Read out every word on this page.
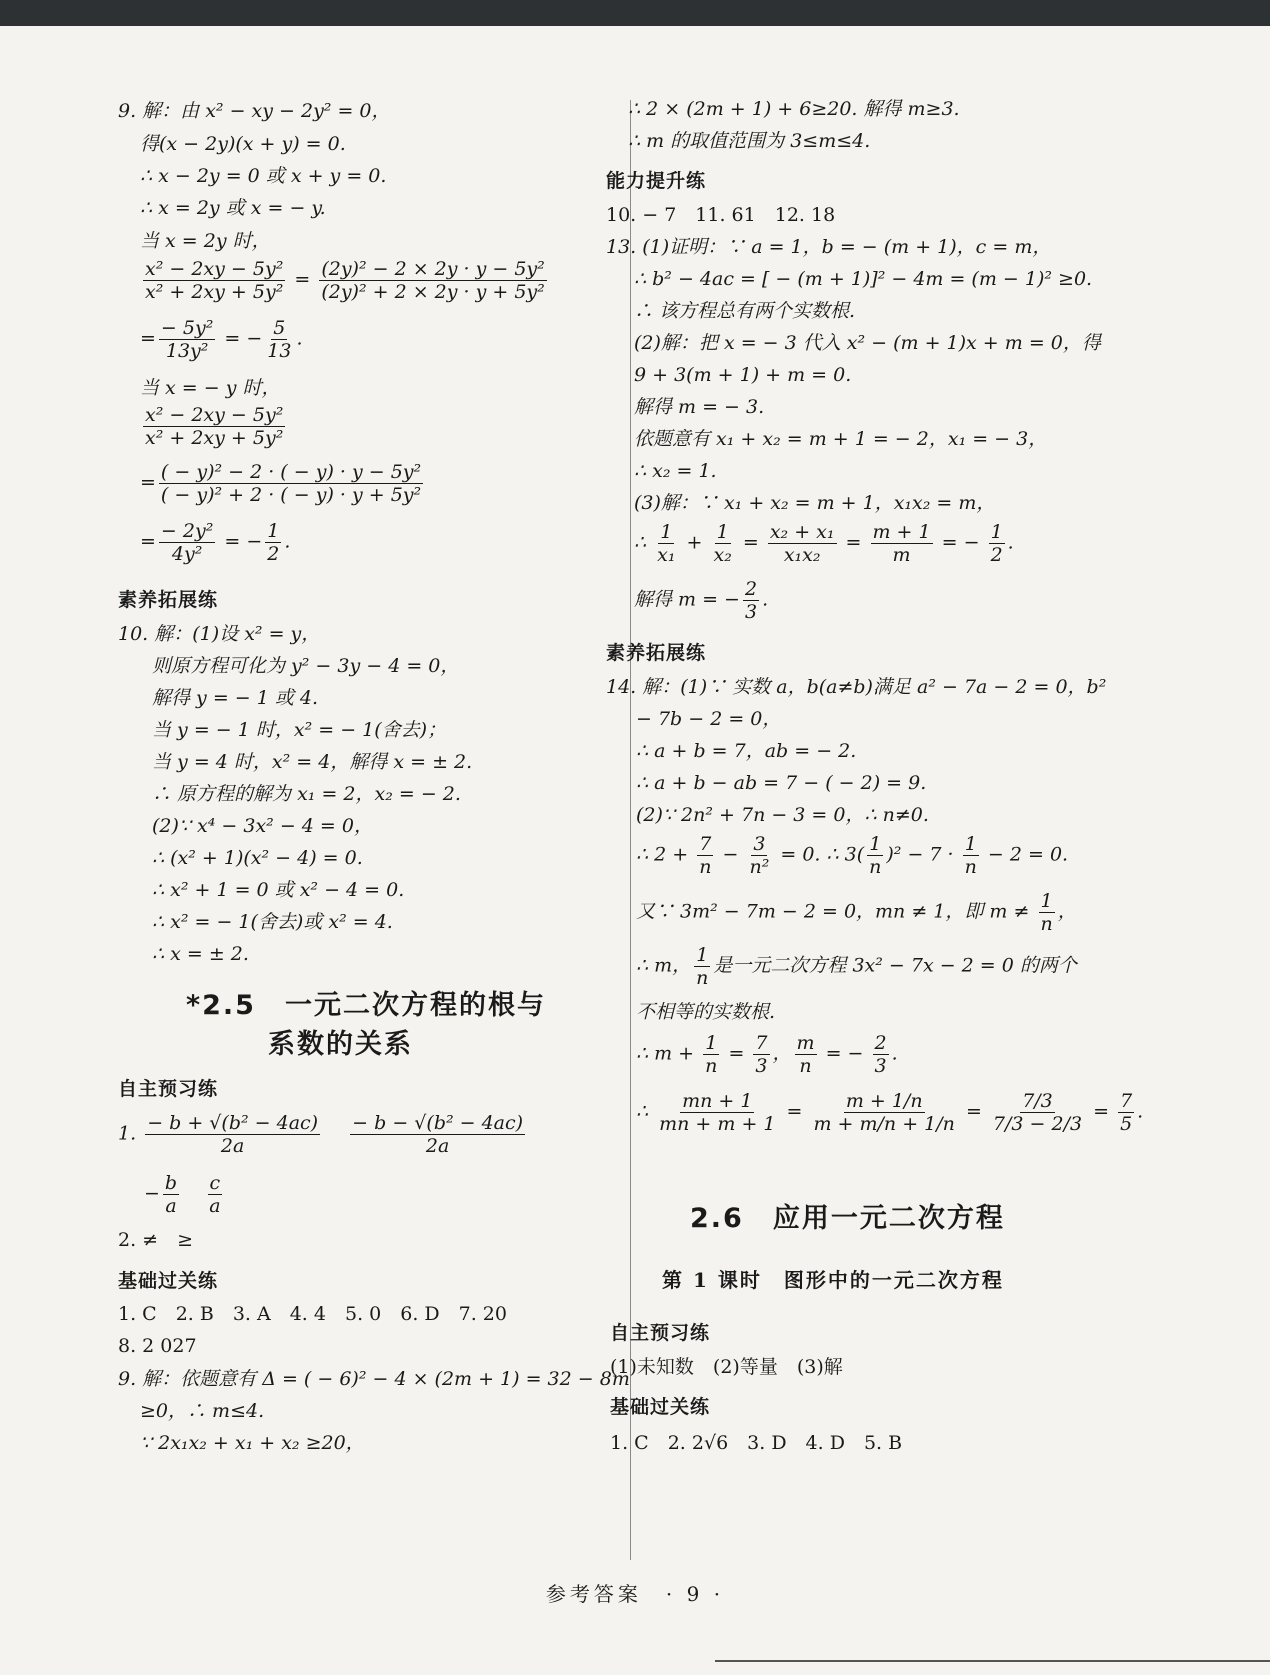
9. 解：由 x² − xy − 2y² = 0，
得(x − 2y)(x + y) = 0.
∴ x − 2y = 0 或 x + y = 0.
∴ x = 2y 或 x = − y.
当 x = 2y 时，
$\frac{\text{x² − 2xy − 5y²}}{\text{x² + 2xy + 5y²}} = \frac{\text{(2y)² − 2 × 2y · y − 5y²}}{\text{(2y)² + 2 × 2y · y + 5y²}}$
= $\frac{\text{− 5y²}}{\text{13y²}}$ = − $\frac{5}{13}$ .
当 x = − y 时，
$\frac{\text{x² − 2xy − 5y²}}{\text{x² + 2xy + 5y²}}$
= $\frac{\text{( − y)² − 2 · ( − y) · y − 5y²}}{\text{( − y)² + 2 · ( − y) · y + 5y²}}$
= $\frac{\text{− 2y²}}{\text{4y²}}$ = − $\frac{1}{2}$ .
素养拓展练
10. 解：(1)设 x² = y，
则原方程可化为 y² − 3y − 4 = 0，
解得 y = − 1 或 4.
当 y = − 1 时，x² = − 1(舍去)；
当 y = 4 时，x² = 4，解得 x = ± 2.
∴ 原方程的解为 x₁ = 2，x₂ = − 2.
(2)∵ x⁴ − 3x² − 4 = 0，
∴ (x² + 1)(x² − 4) = 0.
∴ x² + 1 = 0 或 x² − 4 = 0.
∴ x² = − 1(舍去)或 x² = 4.
∴ x = ± 2.
*2.5　一元二次方程的根与
系数的关系
自主预习练
1. $\frac{\text{− b + √(b² − 4ac)}}{2a}$
$\frac{\text{− b − √(b² − 4ac)}}{2a}$
− $\frac{b}{a}$
$\frac{c}{a}$
2. ≠　≥
基础过关练
1. C　2. B　3. A　4. 4　5. 0　6. D　7. 20
8. 2 027
9. 解：依题意有 Δ = ( − 6)² − 4 × (2m + 1) = 32 − 8m
≥0，∴ m≤4.
∵ 2x₁x₂ + x₁ + x₂ ≥20，
∴ 2 × (2m + 1) + 6≥20. 解得 m≥3.
∴ m 的取值范围为 3≤m≤4.
能力提升练
10. − 7　11. 61　12. 18
13. (1)证明：∵ a = 1，b = − (m + 1)，c = m，
∴ b² − 4ac = [ − (m + 1)]² − 4m = (m − 1)² ≥0.
∴ 该方程总有两个实数根.
(2)解：把 x = − 3 代入 x² − (m + 1)x + m = 0，得
9 + 3(m + 1) + m = 0.
解得 m = − 3.
依题意有 x₁ + x₂ = m + 1 = − 2，x₁ = − 3，
∴ x₂ = 1.
(3)解：∵ x₁ + x₂ = m + 1，x₁x₂ = m，
∴ $\frac{1}{\text{x₁}} + \frac{1}{\text{x₂}} = \frac{\text{x₂ + x₁}}{\text{x₁x₂}} = \frac{m + 1}{m}$ = − $\frac{1}{2}$ .
解得 m = − $\frac{2}{3}$ .
素养拓展练
14. 解：(1)∵ 实数 a，b(a≠b)满足 a² − 7a − 2 = 0，b²
− 7b − 2 = 0，
∴ a + b = 7，ab = − 2.
∴ a + b − ab = 7 − ( − 2) = 9.
(2)∵ 2n² + 7n − 3 = 0，∴ n≠0.
∴ $2 + \frac{7}{n} - \frac{3}{\text{n²}} = 0$. ∴ $3( \frac{1}{n} )^2 - 7 \cdot \frac{1}{n} - 2 = 0$.
又∵ 3m² − 7m − 2 = 0，mn ≠ 1，即 $m \ne \frac{1}{n}$ ，
∴ m， $\frac{1}{n}$ 是一元二次方程 3x² − 7x − 2 = 0 的两个
不相等的实数根.
∴ $m + \frac{1}{n} = \frac{7}{3}$ ， $\frac{m}{n}$ = − $\frac{2}{3}$ .
∴ $\frac{mn + 1}{mn + m + 1} = \frac{m + 1/n}{m + m/n + 1/n} = \frac{7/3}{7/3 - 2/3} = \frac{7}{5}$ .
2.6　应用一元二次方程
第 1 课时　图形中的一元二次方程
自主预习练
(1)未知数　(2)等量　(3)解
基础过关练
1. C　2. 2√6　3. D　4. D　5. B
参考答案　· 9 ·
